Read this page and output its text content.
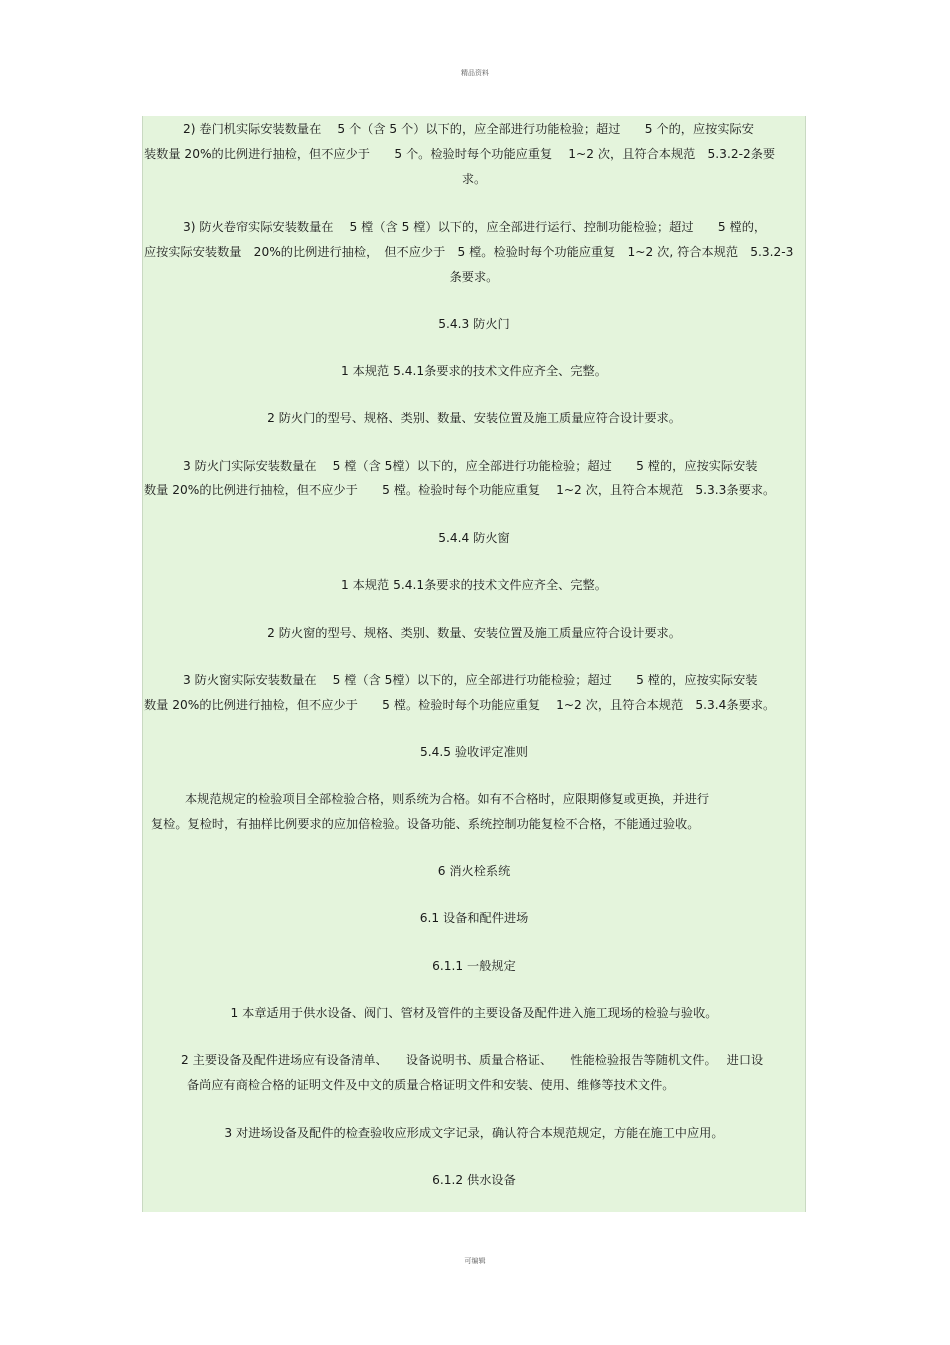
精品资料
2) 卷门机实际安装数量在　 5 个（含 5 个）以下的，应全部进行功能检验；超过　　5 个的，应按实际安
装数量 20%的比例进行抽检，但不应少于　　5 个。检验时每个功能应重复　 1~2 次，且符合本规范　5.3.2-2条要
求。
3) 防火卷帘实际安装数量在　 5 樘（含 5 樘）以下的，应全部进行运行、控制功能检验；超过　　5 樘的，
应按实际安装数量　20%的比例进行抽检，　但不应少于　5 樘。检验时每个功能应重复　1~2 次, 符合本规范　5.3.2-3
条要求。
5.4.3 防火门
1 本规范 5.4.1条要求的技术文件应齐全、完整。
2 防火门的型号、规格、类别、数量、安装位置及施工质量应符合设计要求。
3 防火门实际安装数量在　 5 樘（含 5樘）以下的，应全部进行功能检验；超过　　5 樘的，应按实际安装
数量 20%的比例进行抽检，但不应少于　　5 樘。检验时每个功能应重复　 1~2 次，且符合本规范　5.3.3条要求。
5.4.4 防火窗
1 本规范 5.4.1条要求的技术文件应齐全、完整。
2 防火窗的型号、规格、类别、数量、安装位置及施工质量应符合设计要求。
3 防火窗实际安装数量在　 5 樘（含 5樘）以下的，应全部进行功能检验；超过　　5 樘的，应按实际安装
数量 20%的比例进行抽检，但不应少于　　5 樘。检验时每个功能应重复　 1~2 次，且符合本规范　5.3.4条要求。
5.4.5 验收评定准则
本规范规定的检验项目全部检验合格，则系统为合格。如有不合格时，应限期修复或更换，并进行
复检。复检时，有抽样比例要求的应加倍检验。设备功能、系统控制功能复检不合格，不能通过验收。
6 消火栓系统
6.1 设备和配件进场
6.1.1 一般规定
1 本章适用于供水设备、阀门、管材及管件的主要设备及配件进入施工现场的检验与验收。
2 主要设备及配件进场应有设备清单、　　设备说明书、质量合格证、　　性能检验报告等随机文件。　 进口设
备尚应有商检合格的证明文件及中文的质量合格证明文件和安装、使用、维修等技术文件。
3 对进场设备及配件的检查验收应形成文字记录，确认符合本规范规定，方能在施工中应用。
6.1.2 供水设备
可编辑
